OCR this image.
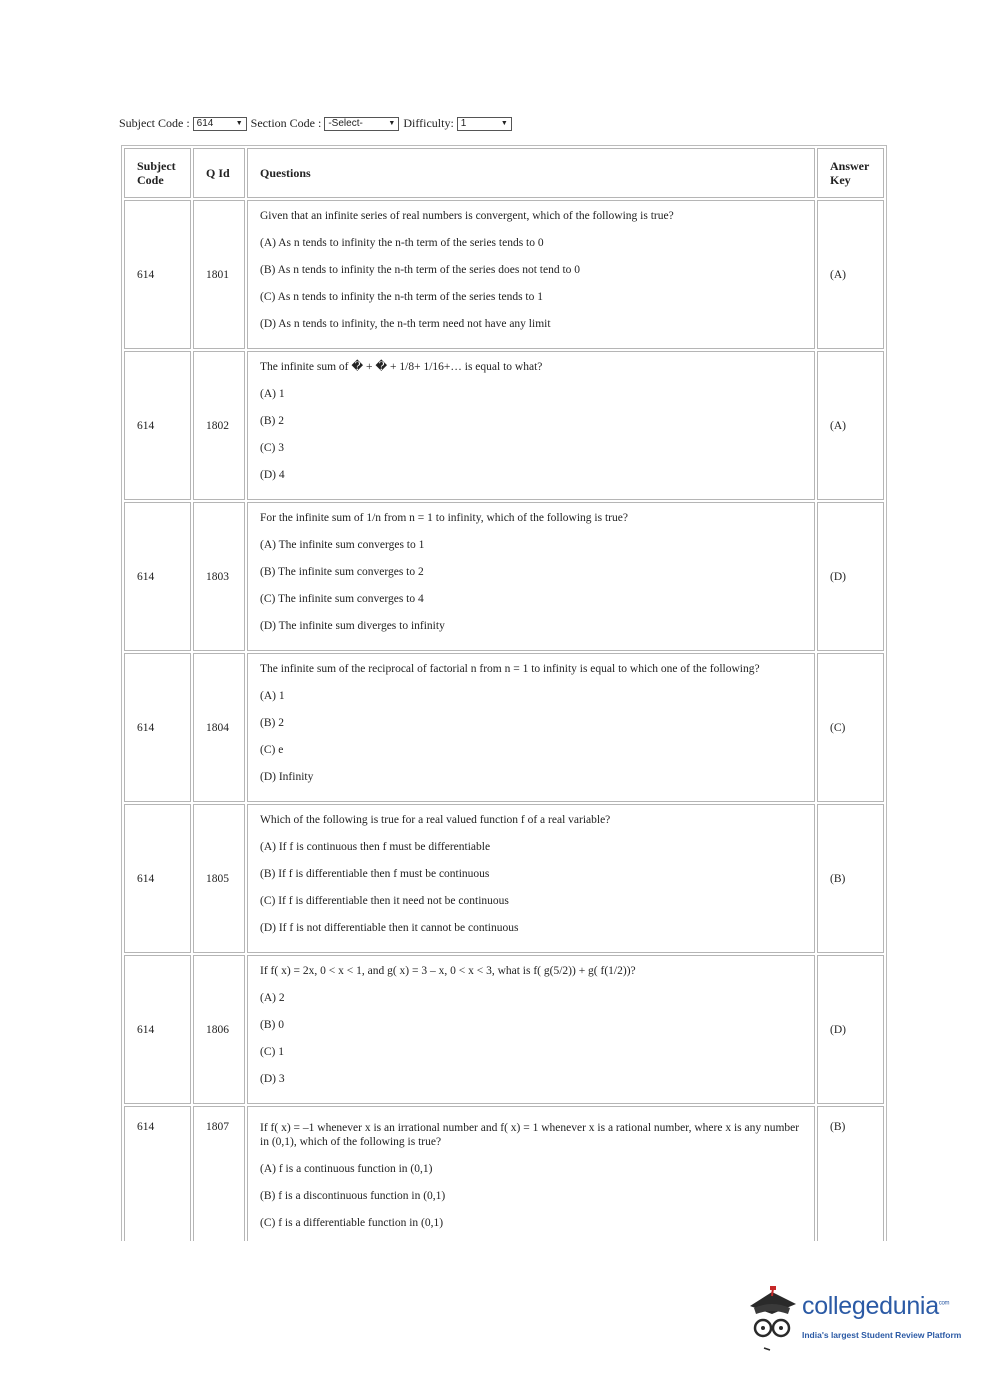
Subject Code : 614	▼ Section Code : -Select-	▼ Difficulty: 1	▼
Subject Code	Q Id	Questions	Answer Key
614	1801	Given that an infinite series of real numbers is convergent, which of the following is true?

(A) As n tends to infinity the n-th term of the series tends to 0

(B) As n tends to infinity the n-th term of the series does not tend to 0

(C) As n tends to infinity the n-th term of the series tends to 1

(D) As n tends to infinity, the n-th term need not have any limit	(A)
614	1802	The infinite sum of � + � + 1/8+ 1/16+… is equal to what?

(A) 1

(B) 2

(C) 3

(D) 4	(A)
614	1803	For the infinite sum of 1/n from n = 1 to infinity, which of the following is true?

(A) The infinite sum converges to 1

(B) The infinite sum converges to 2

(C) The infinite sum converges to 4

(D) The infinite sum diverges to infinity	(D)
614	1804	The infinite sum of the reciprocal of factorial n from n = 1 to infinity is equal to which one of the following?

(A) 1

(B) 2

(C) e

(D) Infinity	(C)
614	1805	Which of the following is true for a real valued function f of a real variable?

(A) If f is continuous then f must be differentiable

(B) If f is differentiable then f must be continuous

(C) If f is differentiable then it need not be continuous

(D) If f is not differentiable then it cannot be continuous	(B)
614	1806	If f( x) = 2x, 0 < x < 1, and g( x) = 3 – x, 0 < x < 3, what is f( g(5/2)) + g( f(1/2))?

(A) 2

(B) 0

(C) 1

(D) 3	(D)
614	1807	If f( x) = –1 whenever x is an irrational number and f( x) = 1 whenever x is a rational number, where x is any number in (0,1), which of the following is true?

(A) f is a continuous function in (0,1)

(B) f is a discontinuous function in (0,1)

(C) f is a differentiable function in (0,1)	(B)
collegedunia$^{com}$
India's largest Student Review Platform
